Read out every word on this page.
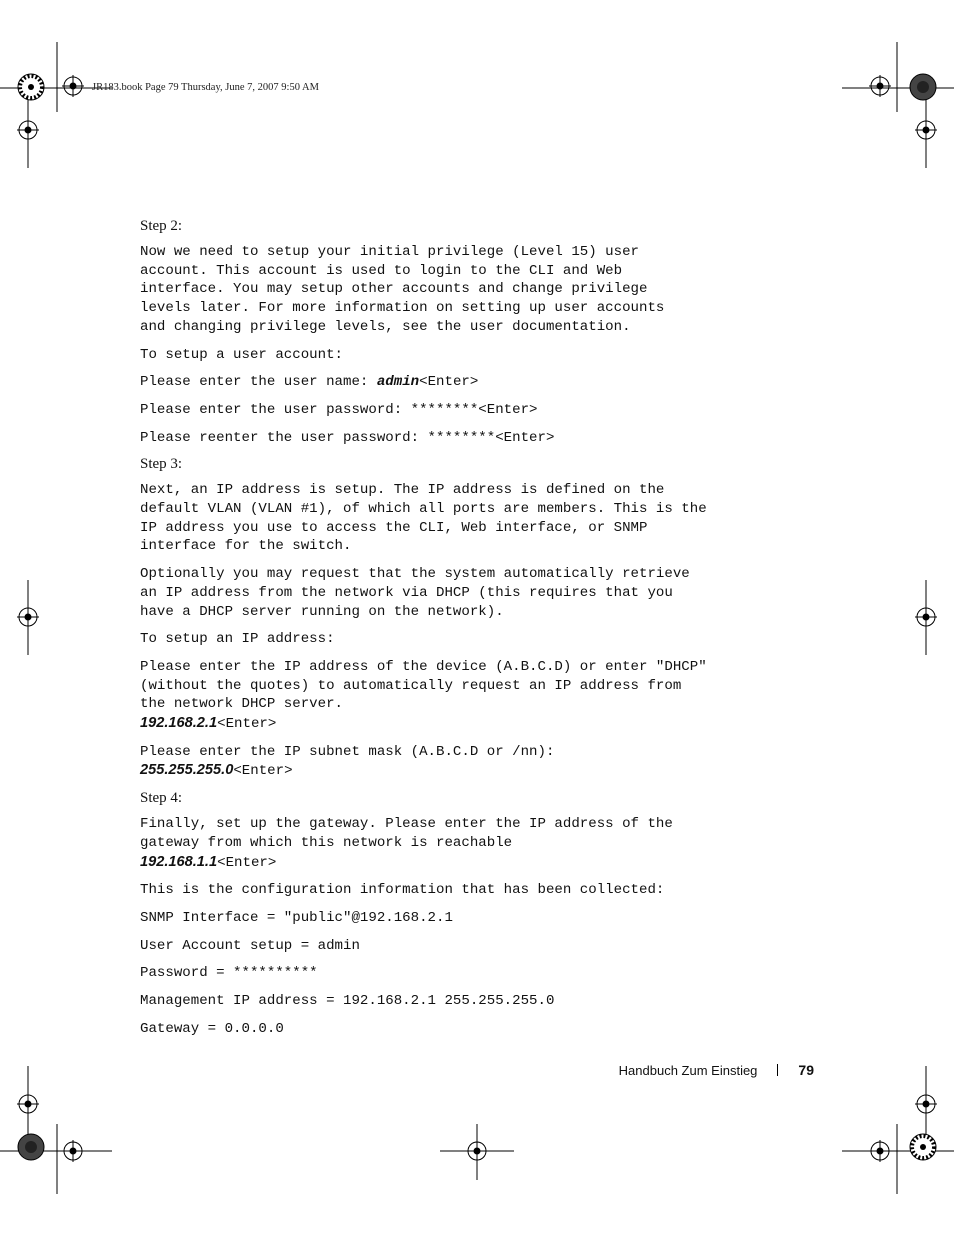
JR183.book Page 79 Thursday, June 7, 2007 9:50 AM
Step 2:
Now we need to setup your initial privilege (Level 15) user
account. This account is used to login to the CLI and Web
interface. You may setup other accounts and change privilege
levels later. For more information on setting up user accounts
and changing privilege levels, see the user documentation.
To setup a user account:
Please enter the user name: admin<Enter>
Please enter the user password: ********<Enter>
Please reenter the user password: ********<Enter>
Step 3:
Next, an IP address is setup. The IP address is defined on the
default VLAN (VLAN #1), of which all ports are members. This is the
IP address you use to access the CLI, Web interface, or SNMP
interface for the switch.
Optionally you may request that the system automatically retrieve
an IP address from the network via DHCP (this requires that you
have a DHCP server running on the network).
To setup an IP address:
Please enter the IP address of the device (A.B.C.D) or enter "DHCP"
(without the quotes) to automatically request an IP address from
the network DHCP server.
192.168.2.1<Enter>
Please enter the IP subnet mask (A.B.C.D or /nn):
255.255.255.0<Enter>
Step 4:
Finally, set up the gateway. Please enter the IP address of the
gateway from which this network is reachable
192.168.1.1<Enter>
This is the configuration information that has been collected:
SNMP Interface = "public"@192.168.2.1
User Account setup = admin
Password = **********
Management IP address = 192.168.2.1 255.255.255.0
Gateway = 0.0.0.0
Handbuch Zum Einstieg	79
